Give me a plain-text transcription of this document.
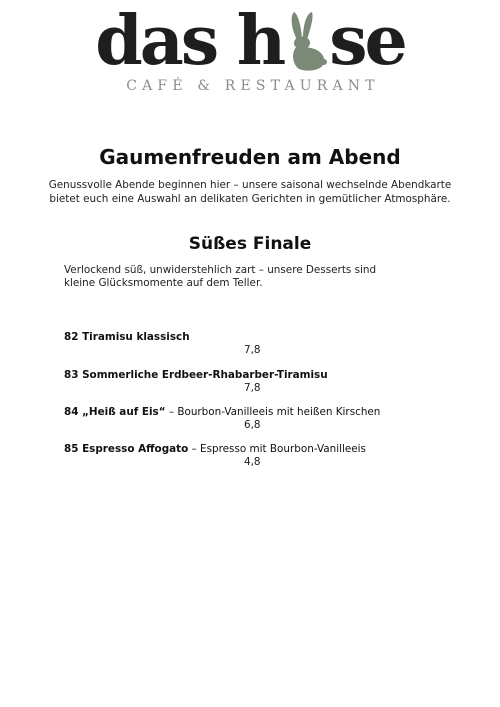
das h se
CAFÉ & RESTAURANT
Gaumenfreuden am Abend

Genussvolle Abende beginnen hier – unsere saisonal wechselnde Abendkarte bietet euch eine Auswahl an delikaten Gerichten in gemütlicher Atmosphäre.

Süßes Finale

Verlockend süß, unwiderstehlich zart – unsere Desserts sind kleine Glücksmomente auf dem Teller.

82 Tiramisu klassisch
7,8
83 Sommerliche Erdbeer-Rhabarber-Tiramisu
7,8
84 „Heiß auf Eis“ – Bourbon-Vanilleeis mit heißen Kirschen
6,8
85 Espresso Affogato – Espresso mit Bourbon-Vanilleeis
4,8
